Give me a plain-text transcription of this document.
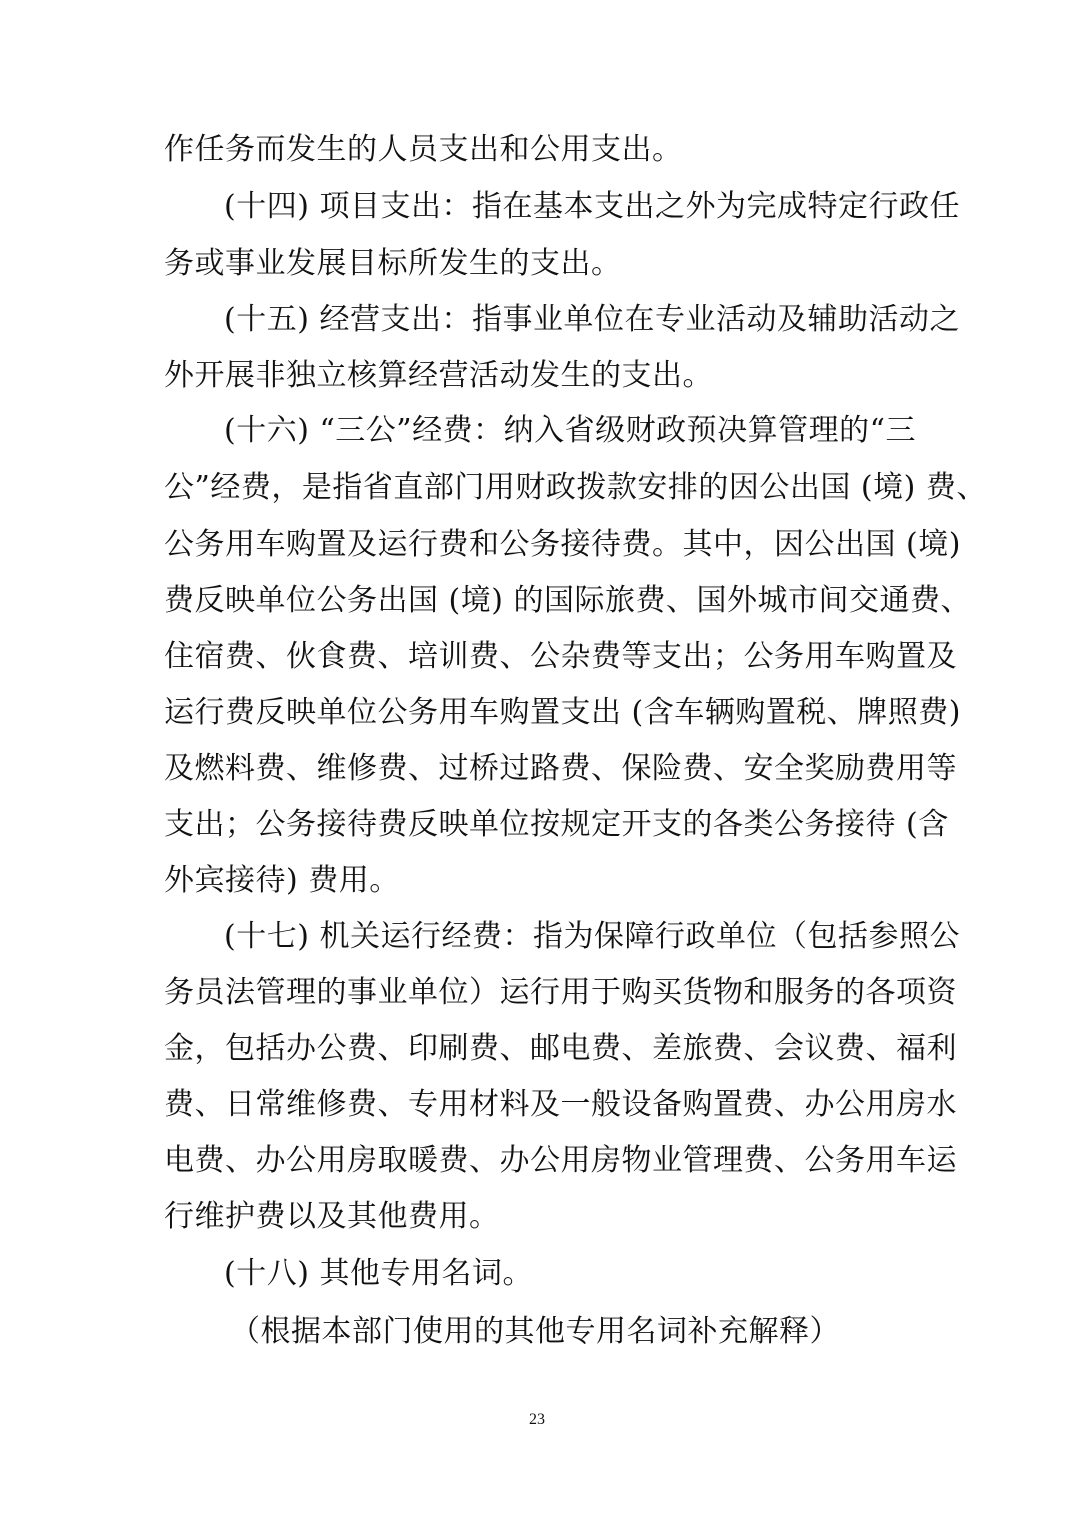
作任务而发生的人员支出和公用支出。
(十四) 项目支出：指在基本支出之外为完成特定行政任
务或事业发展目标所发生的支出。
(十五) 经营支出：指事业单位在专业活动及辅助活动之
外开展非独立核算经营活动发生的支出。
(十六) “三公”经费：纳入省级财政预决算管理的“三
公”经费，是指省直部门用财政拨款安排的因公出国 (境) 费、
公务用车购置及运行费和公务接待费。其中，因公出国 (境)
费反映单位公务出国 (境) 的国际旅费、国外城市间交通费、
住宿费、伙食费、培训费、公杂费等支出；公务用车购置及
运行费反映单位公务用车购置支出 (含车辆购置税、牌照费)
及燃料费、维修费、过桥过路费、保险费、安全奖励费用等
支出；公务接待费反映单位按规定开支的各类公务接待 (含
外宾接待) 费用。
(十七) 机关运行经费：指为保障行政单位（包括参照公
务员法管理的事业单位）运行用于购买货物和服务的各项资
金，包括办公费、印刷费、邮电费、差旅费、会议费、福利
费、日常维修费、专用材料及一般设备购置费、办公用房水
电费、办公用房取暖费、办公用房物业管理费、公务用车运
行维护费以及其他费用。
(十八) 其他专用名词。
（根据本部门使用的其他专用名词补充解释）
23
